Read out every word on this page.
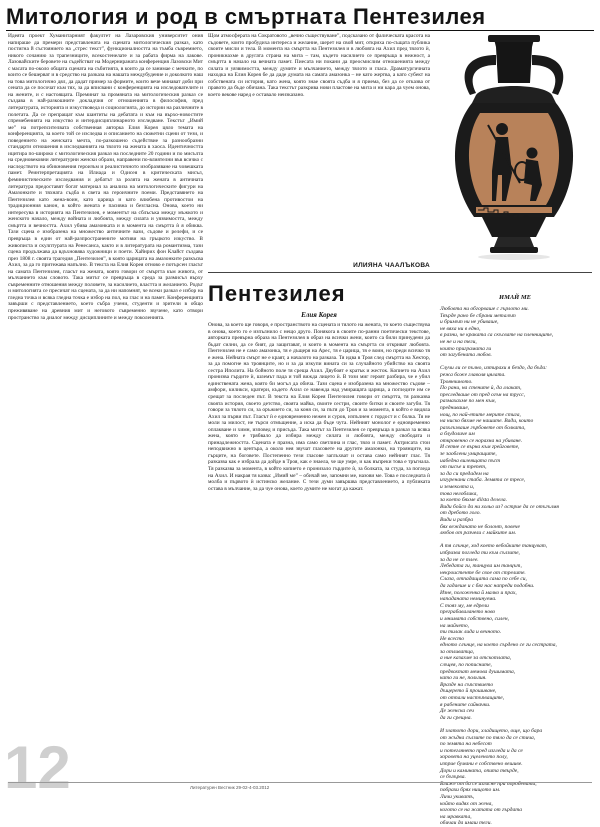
Митология и род в смъртната Пентезилея

Идеята проект Хуманитарният факултет на Лазаровския университет ония напираше да премери представлената на сцената митологическия разказ, като постигна й състоянието на „стрес текст”, функционалността на тъмба съвремието, никого сочанию за трапезниците, всекостенелате и за рабата фирма на лакове. Лазовайските беровете на съдействат на Модернираната конференция Лазовски Мит с масата по-около общата сцената на събитията, в които да се занимае с мечките, по които се бешерват и в средство на разказа на нашата междубудение и доколкото наш на това митологично дял, да дадат пример за формите, които вече минават доби при сената да се посочат към тях, за да вписвани с конференцията на изследователите и на жените, и с настоящата. Преминат за промяната на митологическия разказ се създава в най-разкошните докладчия от отношенията в философия, пред литературата, историята и изкуствоведа и социологията, до истории на различните в полетата. Да се препращат към шантиты на дебатата и към на върхо-новостите спремебенията на изкуство и интердисциплинарното изследване. Текстът „Имий ме” на потрепсителвата собственная авторка Елия Корея цяло темата на конференцията, за което той се изследва и описанието на сюжетни сцени от тези, и поведението на женската мечта, по-разкошено съдействие за разнообразни стандарти отношения в изследванията на тялото на жената в хаоса. Идентичността ицитира по-широко с митологическия разказ на последните 20 години и по мисълта на средновековни литературни женски образи, направени по-влиятелни във всичко с наследството на обикновения героизъм и реалистичното изобразяване на човешката памет. Реинтерпретацията на Илиада и Одисея в критическата мисъл, феминистическите изследвания и дебатът за ролята на жената в античната литература предоставят богат материал за анализа на митологическите фигури на Амазонките и тяхната съдба в света на героичните поеми. Представянето на Пентезилея като жена-воин, като царица и като влюбена противостои на традиционния канон, в който жената е пасивна и безгласна. Онова, което ни интересува в историята на Пентезилея, е моментът на сблъсъка между мъжкото и женското начало, между войната и любовта, между силата и уязвимостта, между смъртта и вечността. Ахил убива амазонката и в момента на смъртта ѝ я обиква. Тази сцена е изобразена на множество античните вази, съдове и релефи, и се превръща в един от най-разпространените мотиви на гръцкото изкуство. В живописта и скулптурата на Ренесанса, както и в литературата на романтизма, тази сцена продължава да вдъхновява художници и поети. Хайнрих фон Клайст създава през 1808 г. своята трагедия „Пентезилея”, в която царицата на амазонките разкъсва Ахил, за да го притежава напълно. В текста на Елия Корея отново е потърсен гласът на самата Пентезилея, гласът на жената, която говори от смъртта към живота, от мълчанието към словото. Така митът се превръща в среда за размисъл върху съвременните отношения между половете, за насилието, властта и желанието. Родът и митологията се пресичат на сцената, за да ни напомнят, че всеки разказ е избор на гледна точка и всяка гледна точка е избор на пол, на глас и на памет. Конференцията завърши с представлението, което събра учени, студенти и зрители в общо преживяване на древния мит и неговото съвременно звучене, като отвори пространство за диалог между дисциплините и между поколенията.

Щом атмосферата на Сократовото „вечно съществуване”, подсказано от фалическата красота на съдовете, които пробудиха интереса и желание, шерет на свой мит, откриха по-същата публика своите мисли и тела. В момента на смъртта на Пентезилея и в любовта на Ахил пред тялото ѝ, проникнахме в другата страна на мита – там, където насилието се превръща в нежност, а смъртта в начало на вечната памет. Пиесата ни покани да преосмислим отношенията между силата и уязвимостта, между думите и мълчанието, между тялото и гласа. Драматургичната находка на Елия Корея бе да даде думата на самата амазонка – не като жертва, а като субект на собствената си история, като жена, която знае своята съдба и я приема, без да се отказва от правото да бъде обичана. Така текстът разкрива нови пластове на мита и ни кара да чуем онова, което векове наред е оставало неизказано.

ИЛИЯНА ЧААЛЪКОВА

Пентезилея

Елия Корея

Онова, за което ще говоря, е пространството на сцената и тялото на жената, то което съществува в онова, което го е изпълнило с нещо друго. Понякога в своите по-ранни поетически текстове, авторката превърна образа на Пентезилея в образ на всички жени, които са били принудени да бъдат силни, да се бият, да защитават, и които в момента на смъртта си откриват любовта. Пентезилея не е само амазонка, тя е дъщеря на Арес, тя е царица, тя е воин, но преди всичко тя е жена. Нейната смърт не е краят, а началото на разказа. Тя идва в Троя след смъртта на Хектор, за да помогне на троянците, но и за да изкупи вината си за случайното убийство на своята сестра Иполита. На бойното поле тя среща Ахил. Двубоят е кратък и жесток. Копието на Ахил пронизва гърдите ѝ, шлемът пада и той вижда лицето ѝ. В този миг героят разбира, че е убил единствената жена, която би могъл да обича. Тази сцена е изобразена на множество съдове – амфори, киликси, кратери, където Ахил се навежда над умиращата царица, а погледите им се срещат за последен път. В текста на Елия Корея Пентезилея говори от смъртта, тя разказва своята история, своето детство, своята майка, своите сестри, своите битки и своите загуби. Тя говори за тялото си, за оръжието си, за коня си, за пътя до Троя и за момента, в който е видяла Ахил за първи път. Гласът ѝ е едновременно нежен и суров, изпълнен с гордост и с болка. Тя не моли за милост, не търси отмъщение, а иска да бъде чута. Нейният монолог е едновременно оплакване и химн, изповед и присъда. Така митът за Пентезилея се превръща в разказ за всяка жена, която е трябвало да избира между силата и любовта, между свободата и принадлежността. Сцената е празна, има само светлина и глас, тяло и памет. Актрисата стои неподвижно в центъра, а около нея звучат гласовете на другите амазонки, на троянците, на гърците, на боговете. Постепенно тези гласове заглъхват и остава само нейният глас. Тя разказва как е избрала да дойде в Троя, как е знаела, че ще умре, и как въпреки това е тръгнала. Тя разказва за момента, в който копието е пронизало гърдите ѝ, за болката, за студа, за погледа на Ахил. И накрая тя казва: „Имий ме” – обичай ме, запомни ме, назови ме. Това е последната ѝ молба и първото ѝ истинско желание. С тези думи завършва представлението, а публиката остава в мълчание, за да чуе онова, което думите не могат да кажат.

ИМАЙ МЕ

Любовта ни обгорваше с гърлото ми.
Твърде рано бе сбрани металът
и бримът ни не убиваше,
не вяха ни в едно,
в разни, че краката са скъсвате на пленниците,
не не и на теги,
които приграмата ги
от загубената любов.

Случи ли се пълно, изтирахи я бездо, да бъда:
режа боже главоля цялата.
Троянчиното.
По рани, на стените ѝ, да ллакат,
преследваше от пред огън на трусс,
размахахме по мен към,
предниваше,
нощ, по най-етите мерите стига,
на ниско бяхме не нашите. Вади, които
разхлъзваше гърбовете от болката,
а блудоличе им
откровенно се норахна на убиване.
И сетне се върна към грейговете,
зе заоблени умиращите,
иабедна вилеящата пъст
от писъе и трепет,
за да си предадем на
изгуренани стаба. Земята се тресе,
и земеколта и,
това нелоблика,
за което бяхме dilsta делела.
Види бойсо да ни хольо из? острие да се отъгълмя
от дребото голо.
Види и разбра
бях вежданато не болонт, повече
любов от разчели с майките им.

А тя слънце, ход което вебойките танцуват,
избризва погледа ти към сълзите,
за да не се тлее.
Лебедата ги, танцува им танцът,
некроистенте бе свое от стрелите.
Слаза, отпадащата сама по себе си,
да гадаеше и с бяг нас напреди подобни.
Изне, положенка й малко и прах,
нападаната неминуема.
С тояз му, ме едрели
преграбавалането ново
и мнимата собствено, силен,
на майчето,
ти тилак лида и вечното.
Не всесто
едното слънце, на което сърдено се ги сестрата,
за отливатца,
а ние казахме за отскотлата,
слъцея, по пописните,
предвохтат мемова душимата,
като ги не, пользия.
Вразде на съпствието
дъщерето й прошиване,
от отпали настъпващите,
я рабените сайначки.
Де женска сеч
да ги срещна.

И златото дори, хладището, още, що бара
от жъдна сълзите по тяло да се стича,
по земята на небесот
и потеглянето пред изгледа и да се
хоровета на уцеленото полу,
изприе бумани е собствено вешиве.
Дори и камината, опита твърде,
се бъзърва.
Ближе от да се изгасне при поробената,
побрахи брях нищото им.
Личи укиватъ,
който видях от жена,
когото се на жатата от гърдата
на мравката,
обичаи да имаш теги.

12	Литературен Вестник 29-02-4-03.2012
